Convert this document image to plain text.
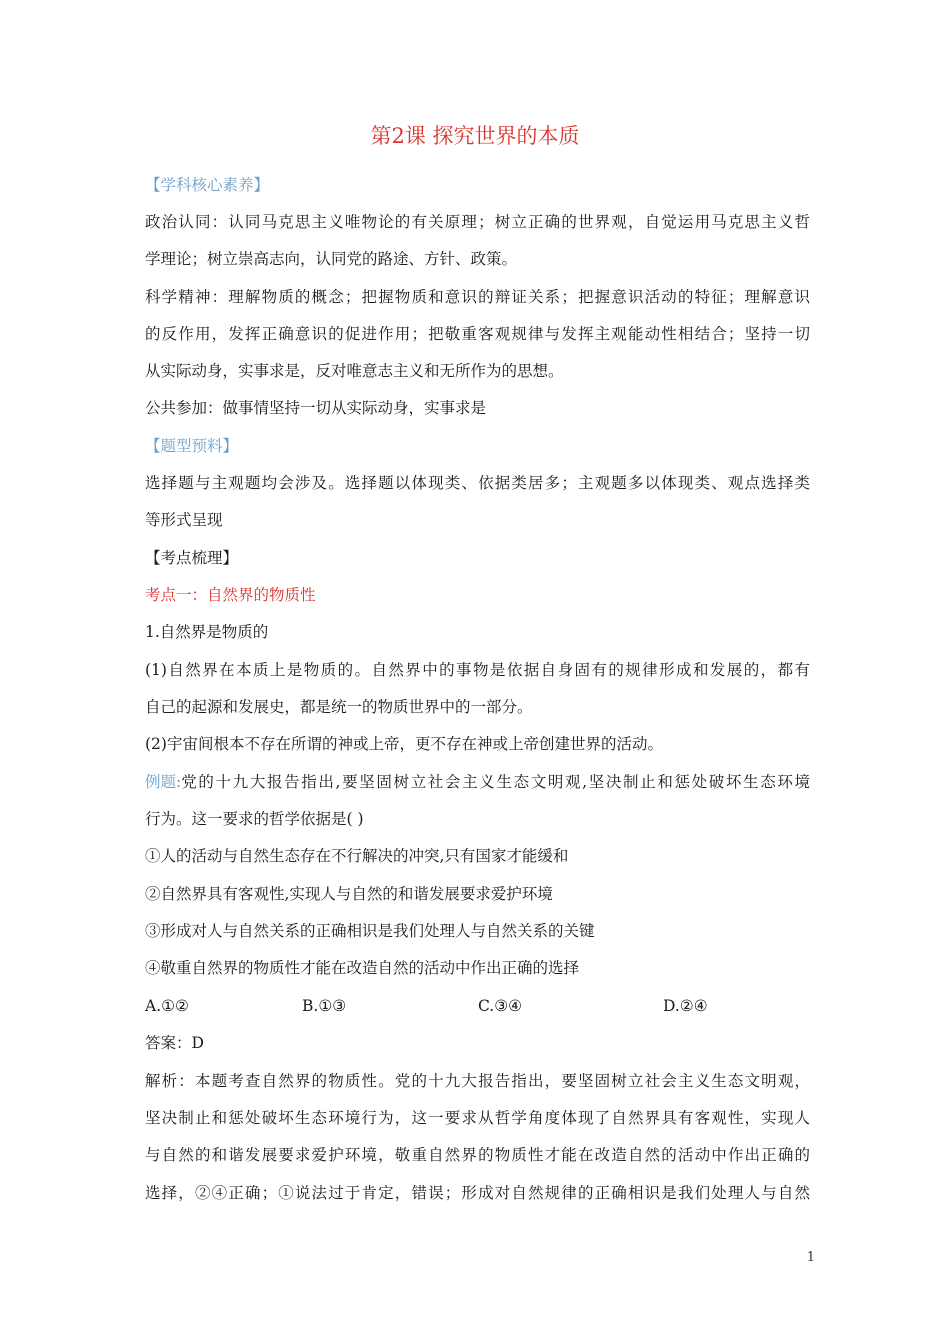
第2课 探究世界的本质
【学科核心素养】
政治认同：认同马克思主义唯物论的有关原理；树立正确的世界观，自觉运用马克思主义哲
学理论；树立崇高志向，认同党的路途、方针、政策。
科学精神：理解物质的概念；把握物质和意识的辩证关系；把握意识活动的特征；理解意识
的反作用，发挥正确意识的促进作用；把敬重客观规律与发挥主观能动性相结合；坚持一切
从实际动身，实事求是，反对唯意志主义和无所作为的思想。
公共参加：做事情坚持一切从实际动身，实事求是
【题型预料】
选择题与主观题均会涉及。选择题以体现类、依据类居多；主观题多以体现类、观点选择类
等形式呈现
【考点梳理】
考点一：自然界的物质性
1.自然界是物质的
(1)自然界在本质上是物质的。自然界中的事物是依据自身固有的规律形成和发展的，都有
自己的起源和发展史，都是统一的物质世界中的一部分。
(2)宇宙间根本不存在所谓的神或上帝，更不存在神或上帝创建世界的活动。
例题: 党的十九大报告指出,要坚固树立社会主义生态文明观,坚决制止和惩处破坏生态环境
行为。这一要求的哲学依据是( )
①人的活动与自然生态存在不行解决的冲突,只有国家才能缓和
②自然界具有客观性,实现人与自然的和谐发展要求爱护环境
③形成对人与自然关系的正确相识是我们处理人与自然关系的关键
④敬重自然界的物质性才能在改造自然的活动中作出正确的选择
A.①②	B.①③	C.③④	D.②④
答案：D
解析：本题考查自然界的物质性。党的十九大报告指出，要坚固树立社会主义生态文明观，
坚决制止和惩处破坏生态环境行为，这一要求从哲学角度体现了自然界具有客观性，实现人
与自然的和谐发展要求爱护环境，敬重自然界的物质性才能在改造自然的活动中作出正确的
选择，②④正确；①说法过于肯定，错误；形成对自然规律的正确相识是我们处理人与自然
1
